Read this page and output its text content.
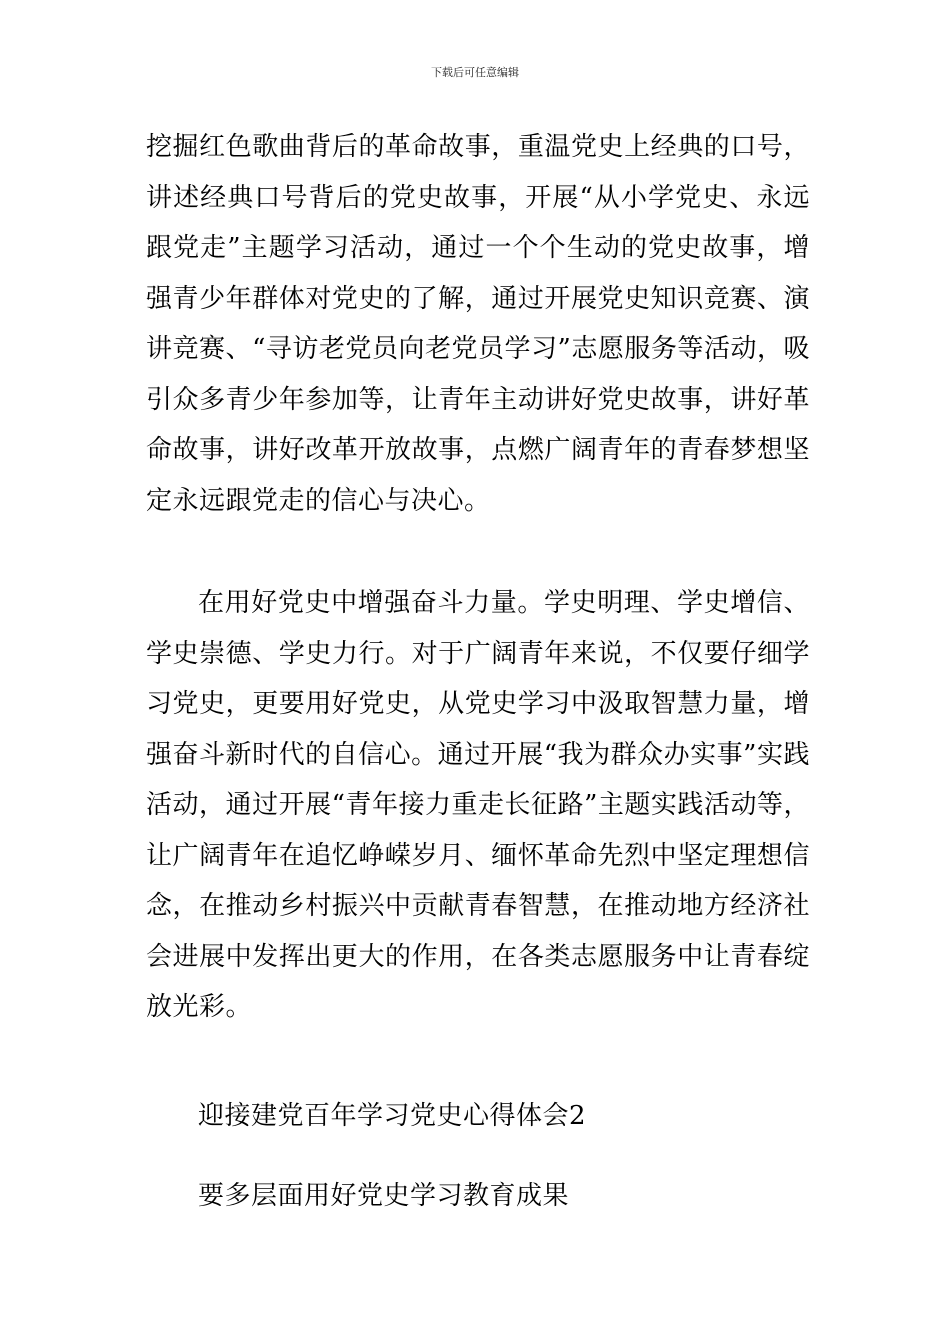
下载后可任意编辑

挖掘红色歌曲背后的革命故事，重温党史上经典的口号，讲述经典口号背后的党史故事，开展“从小学党史、永远跟党走”主题学习活动，通过一个个生动的党史故事，增强青少年群体对党史的了解，通过开展党史知识竞赛、演讲竞赛、“寻访老党员向老党员学习”志愿服务等活动，吸引众多青少年参加等，让青年主动讲好党史故事，讲好革命故事，讲好改革开放故事，点燃广阔青年的青春梦想坚定永远跟党走的信心与决心。

在用好党史中增强奋斗力量。学史明理、学史增信、学史崇德、学史力行。对于广阔青年来说，不仅要仔细学习党史，更要用好党史，从党史学习中汲取智慧力量，增强奋斗新时代的自信心。通过开展“我为群众办实事”实践活动，通过开展“青年接力重走长征路”主题实践活动等，让广阔青年在追忆峥嵘岁月、缅怀革命先烈中坚定理想信念，在推动乡村振兴中贡献青春智慧，在推动地方经济社会进展中发挥出更大的作用，在各类志愿服务中让青春绽放光彩。

迎接建党百年学习党史心得体会2

要多层面用好党史学习教育成果
